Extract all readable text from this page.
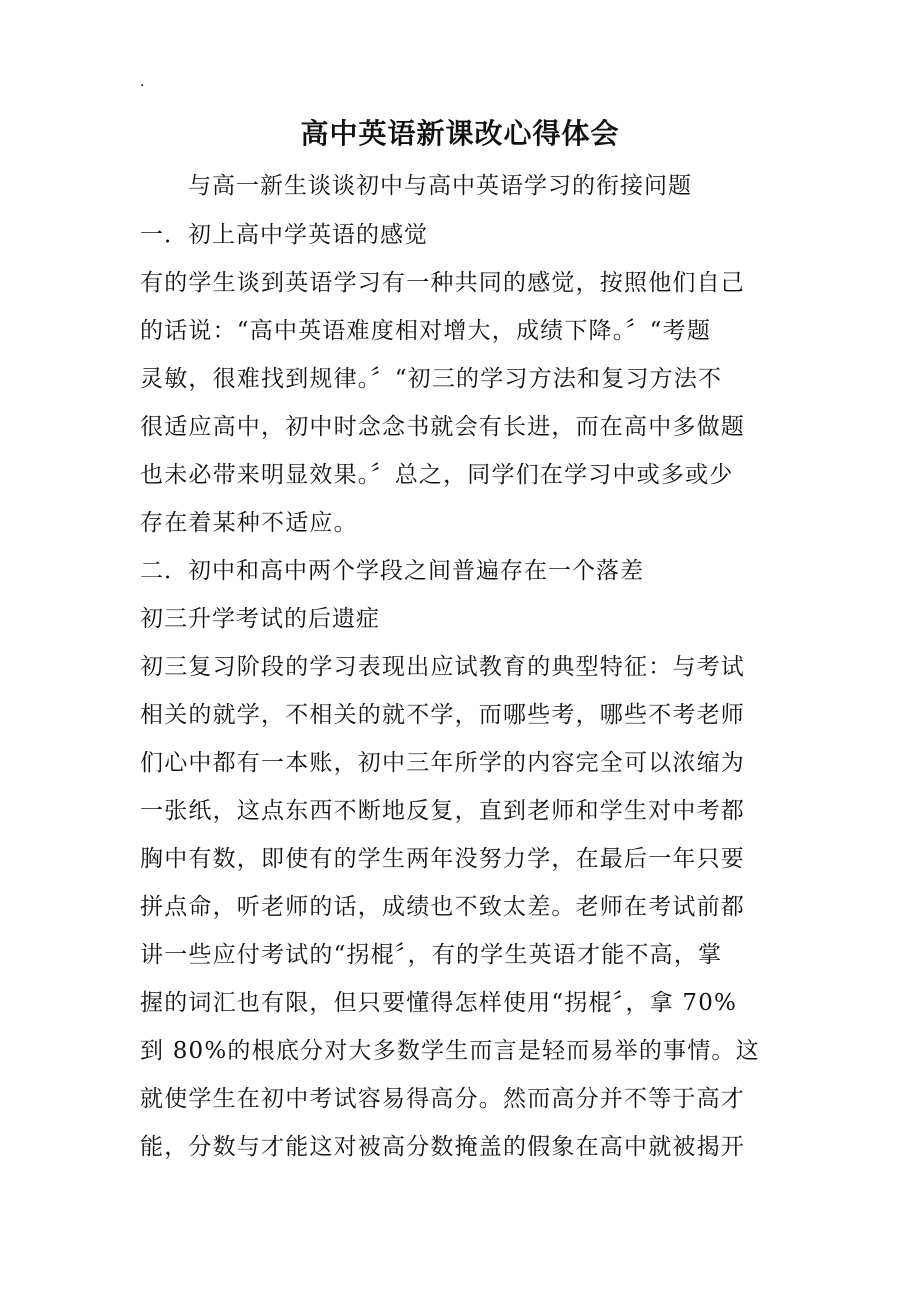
.
高中英语新课改心得体会
与高一新生谈谈初中与高中英语学习的衔接问题
一．初上高中学英语的感觉
有的学生谈到英语学习有一种共同的感觉，按照他们自己
的话说：“高中英语难度相对增大，成绩下降。〞“考题
灵敏，很难找到规律。〞“初三的学习方法和复习方法不
很适应高中，初中时念念书就会有长进，而在高中多做题
也未必带来明显效果。〞总之，同学们在学习中或多或少
存在着某种不适应。
二．初中和高中两个学段之间普遍存在一个落差
初三升学考试的后遗症
初三复习阶段的学习表现出应试教育的典型特征：与考试
相关的就学，不相关的就不学，而哪些考，哪些不考老师
们心中都有一本账，初中三年所学的内容完全可以浓缩为
一张纸，这点东西不断地反复，直到老师和学生对中考都
胸中有数，即使有的学生两年没努力学，在最后一年只要
拼点命，听老师的话，成绩也不致太差。老师在考试前都
讲一些应付考试的“拐棍〞，有的学生英语才能不高，掌
握的词汇也有限，但只要懂得怎样使用“拐棍〞，拿 70%
到 80%的根底分对大多数学生而言是轻而易举的事情。这
就使学生在初中考试容易得高分。然而高分并不等于高才
能，分数与才能这对被高分数掩盖的假象在高中就被揭开
